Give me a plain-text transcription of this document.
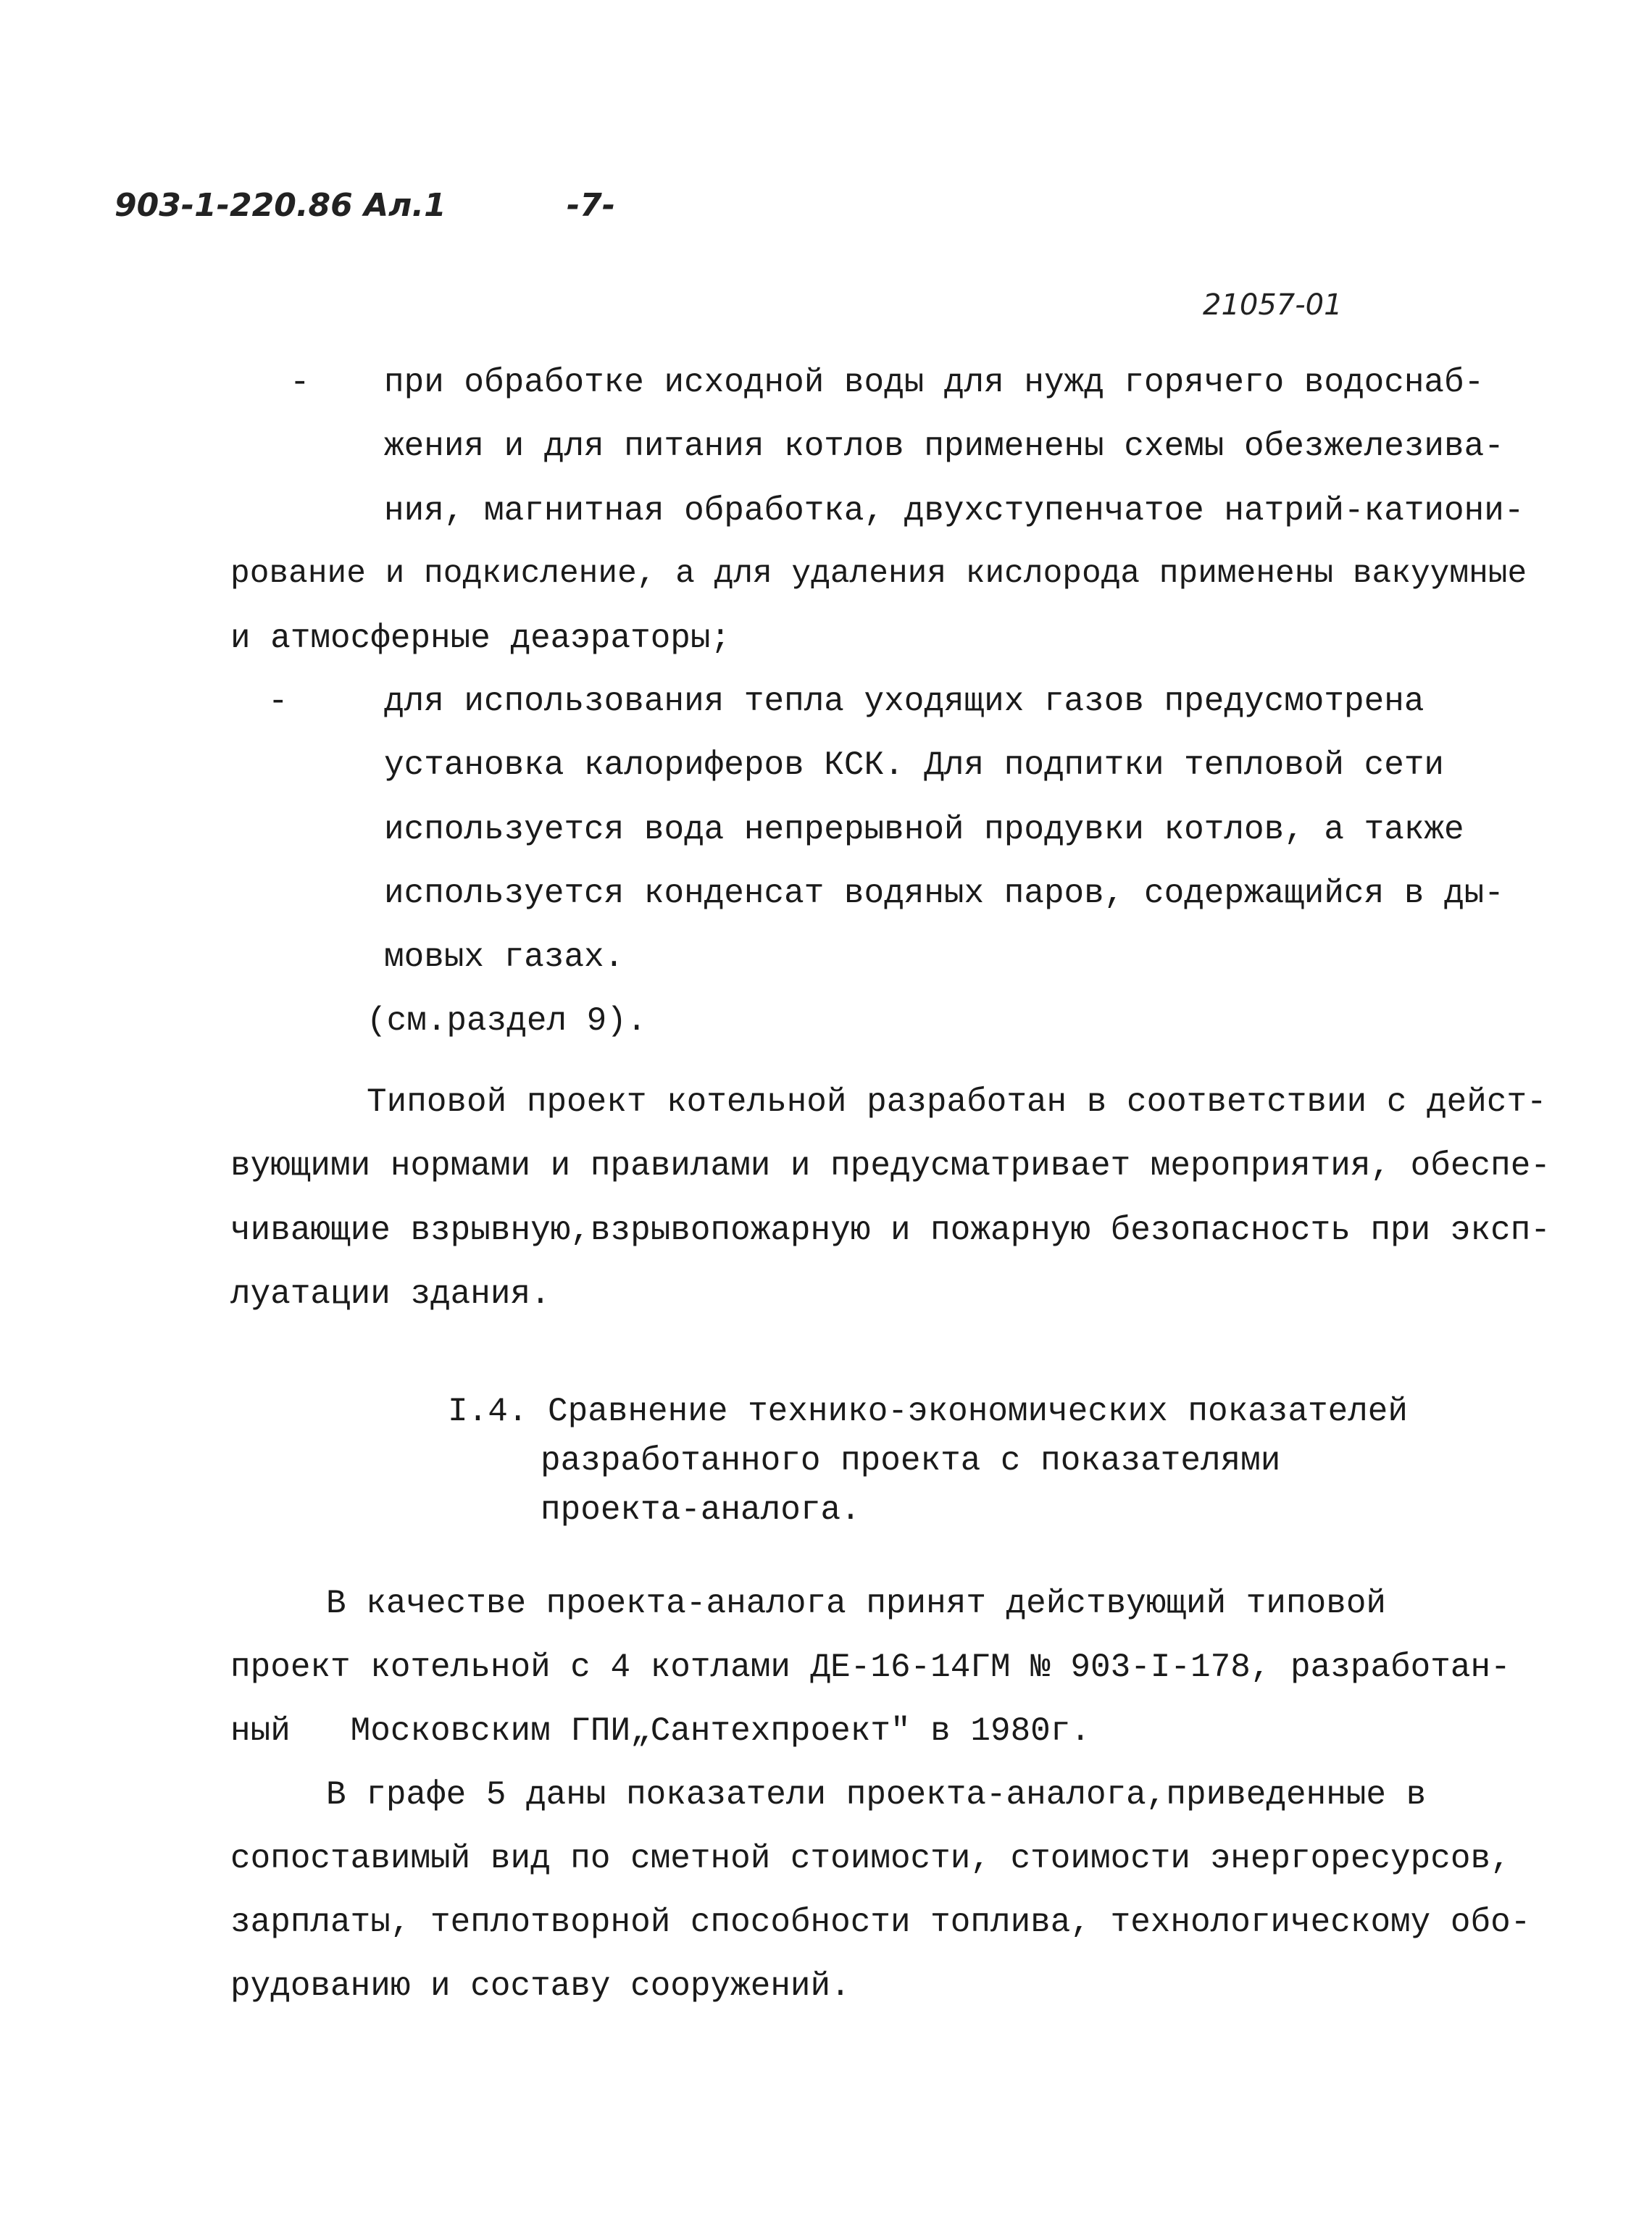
903-1-220.86 Ал.1	-7-
21057-01
- при обработке исходной воды для нужд горячего водоснаб-
жения и для питания котлов применены схемы обезжелезива-
ния, магнитная обработка, двухступенчатое натрий-катиони-
рование и подкисление, а для удаления кислорода применены вакуумные
и атмосферные деаэраторы;
-	для использования тепла уходящих газов предусмотрена
установка калориферов КСК. Для подпитки тепловой сети
используется вода непрерывной продувки котлов, а также
используется конденсат водяных паров, содержащийся в ды-
мовых газах.
(см.раздел 9).
Типовой проект котельной разработан в соответствии с дейст-
вующими нормами и правилами и предусматривает мероприятия, обеспе-
чивающие взрывную,взрывопожарную и пожарную безопасность при эксп-
луатации здания.
I.4. Сравнение технико-экономических показателей
разработанного проекта с показателями
проекта-аналога.
В качестве проекта-аналога принят действующий типовой
проект котельной с 4 котлами ДЕ-16-14ГМ № 903-I-178, разработан-
ный   Московским ГПИ„Сантехпроект" в 1980г.
В графе 5 даны показатели проекта-аналога,приведенные в
сопоставимый вид по сметной стоимости, стоимости энергоресурсов,
зарплаты, теплотворной способности топлива, технологическому обо-
рудованию и составу сооружений.
